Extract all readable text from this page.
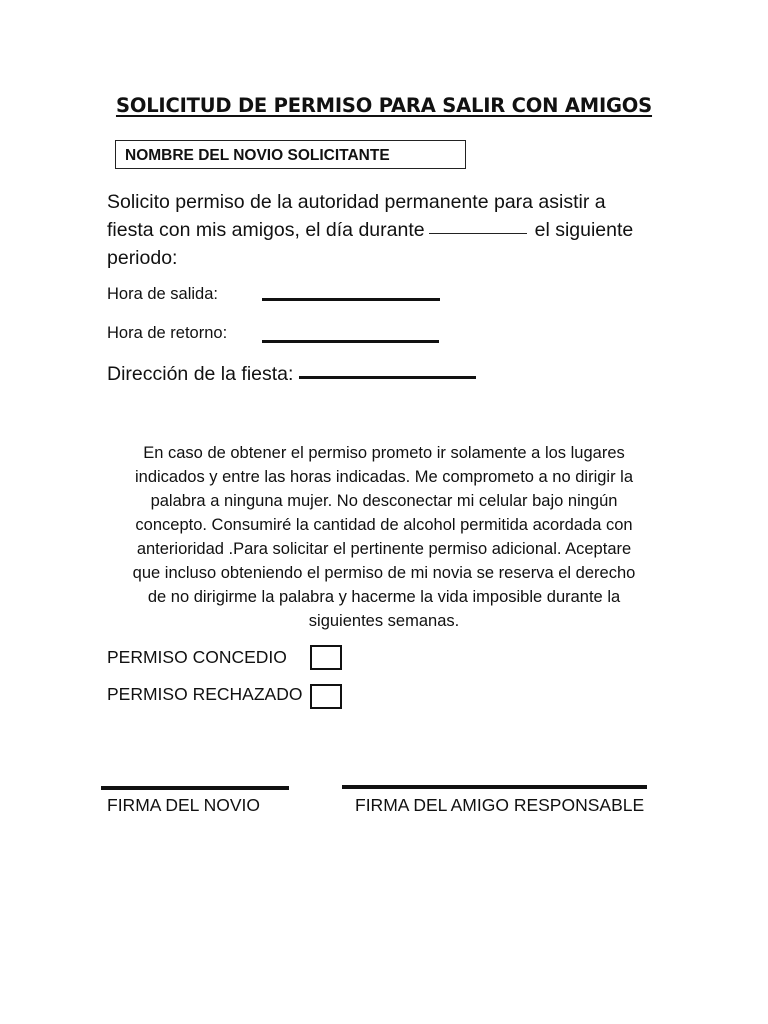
SOLICITUD DE PERMISO PARA SALIR CON AMIGOS
NOMBRE DEL NOVIO SOLICITANTE
Solicito permiso de la autoridad permanente para asistir a
fiesta con mis amigos, el día durante	el siguiente
periodo:
Hora de salida:
Hora de retorno:
Dirección de la fiesta:
En caso de obtener el permiso prometo ir solamente a los lugares
indicados y entre las horas indicadas. Me comprometo a no dirigir la
palabra a ninguna mujer. No desconectar mi celular bajo ningún
concepto. Consumiré la cantidad de alcohol permitida acordada con
anterioridad .Para solicitar el pertinente permiso adicional. Aceptare
que incluso obteniendo el permiso de mi novia se reserva el derecho
de no dirigirme la palabra y hacerme la vida imposible durante la
siguientes semanas.
PERMISO CONCEDIO
PERMISO RECHAZADO
FIRMA DEL NOVIO	FIRMA DEL AMIGO RESPONSABLE
